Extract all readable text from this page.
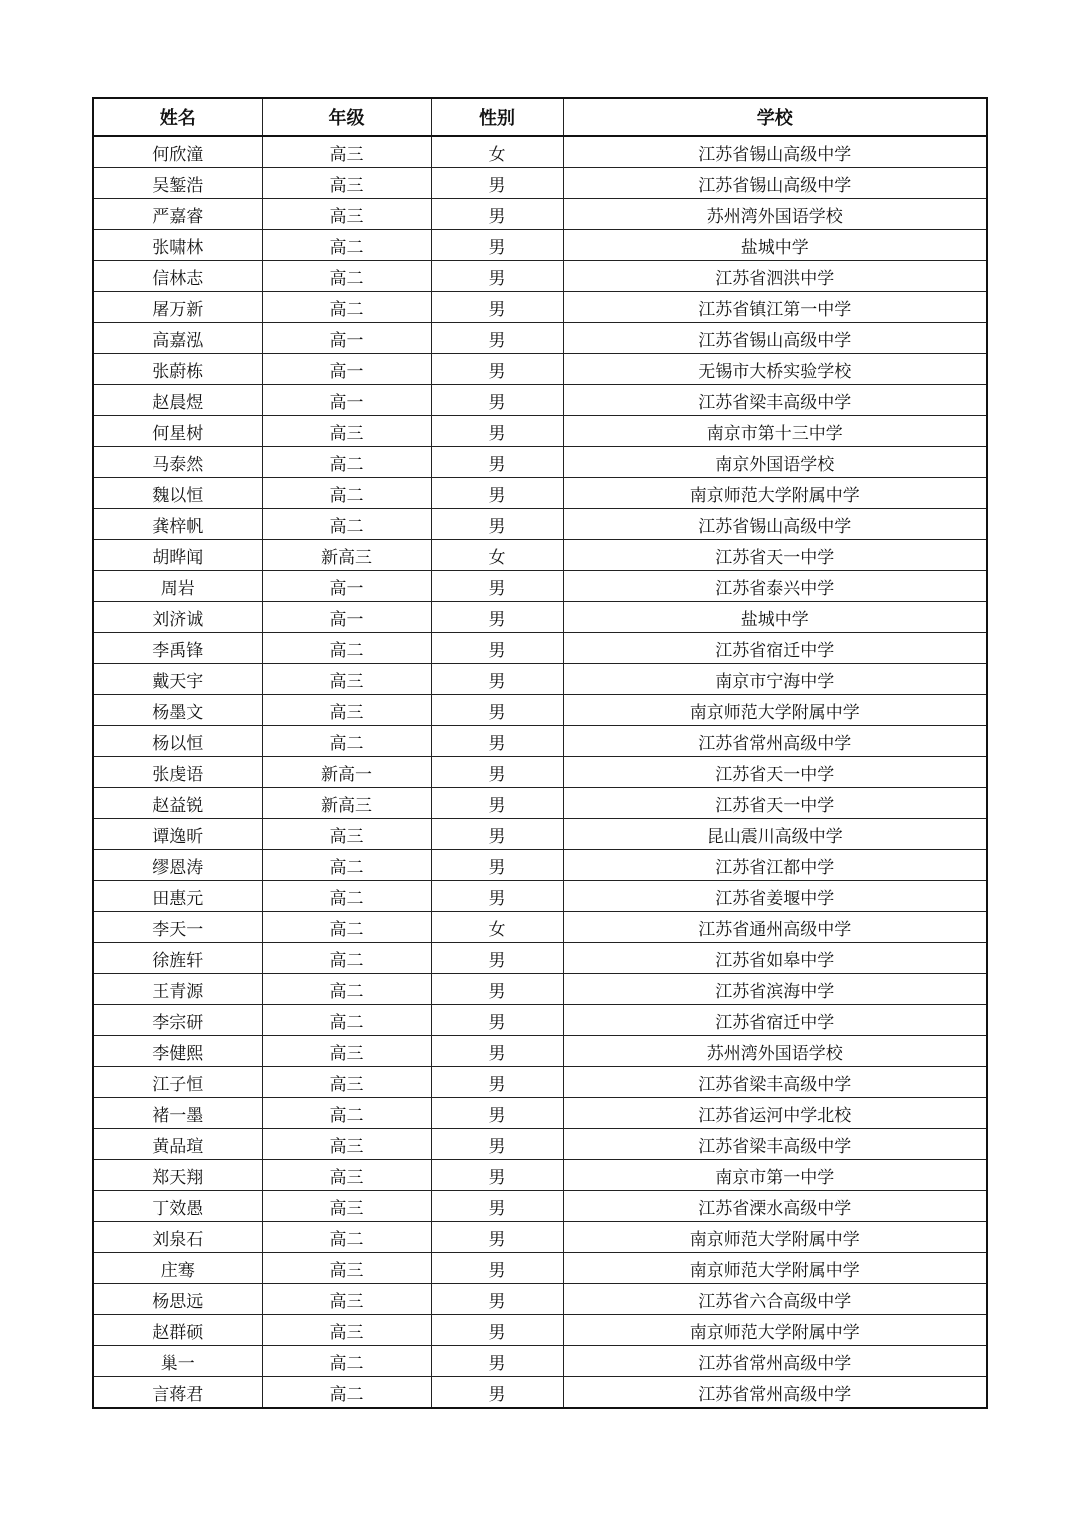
姓名	年级	性别	学校
何欣潼	高三	女	江苏省锡山高级中学
吴錾浩	高三	男	江苏省锡山高级中学
严嘉睿	高三	男	苏州湾外国语学校
张啸林	高二	男	盐城中学
信林志	高二	男	江苏省泗洪中学
屠万新	高二	男	江苏省镇江第一中学
高嘉泓	高一	男	江苏省锡山高级中学
张蔚栋	高一	男	无锡市大桥实验学校
赵晨煜	高一	男	江苏省梁丰高级中学
何星树	高三	男	南京市第十三中学
马泰然	高二	男	南京外国语学校
魏以恒	高二	男	南京师范大学附属中学
龚梓帆	高二	男	江苏省锡山高级中学
胡晔闻	新高三	女	江苏省天一中学
周岩	高一	男	江苏省泰兴中学
刘济诚	高一	男	盐城中学
李禹锋	高二	男	江苏省宿迁中学
戴天宇	高三	男	南京市宁海中学
杨墨文	高三	男	南京师范大学附属中学
杨以恒	高二	男	江苏省常州高级中学
张虔语	新高一	男	江苏省天一中学
赵益锐	新高三	男	江苏省天一中学
谭逸昕	高三	男	昆山震川高级中学
缪恩涛	高二	男	江苏省江都中学
田惠元	高二	男	江苏省姜堰中学
李天一	高二	女	江苏省通州高级中学
徐旌轩	高二	男	江苏省如皋中学
王青源	高二	男	江苏省滨海中学
李宗研	高二	男	江苏省宿迁中学
李健熙	高三	男	苏州湾外国语学校
江子恒	高三	男	江苏省梁丰高级中学
褚一墨	高二	男	江苏省运河中学北校
黄品瑄	高三	男	江苏省梁丰高级中学
郑天翔	高三	男	南京市第一中学
丁效愚	高三	男	江苏省溧水高级中学
刘泉石	高二	男	南京师范大学附属中学
庄骞	高三	男	南京师范大学附属中学
杨思远	高三	男	江苏省六合高级中学
赵群硕	高三	男	南京师范大学附属中学
巢一	高二	男	江苏省常州高级中学
言蒋君	高二	男	江苏省常州高级中学
